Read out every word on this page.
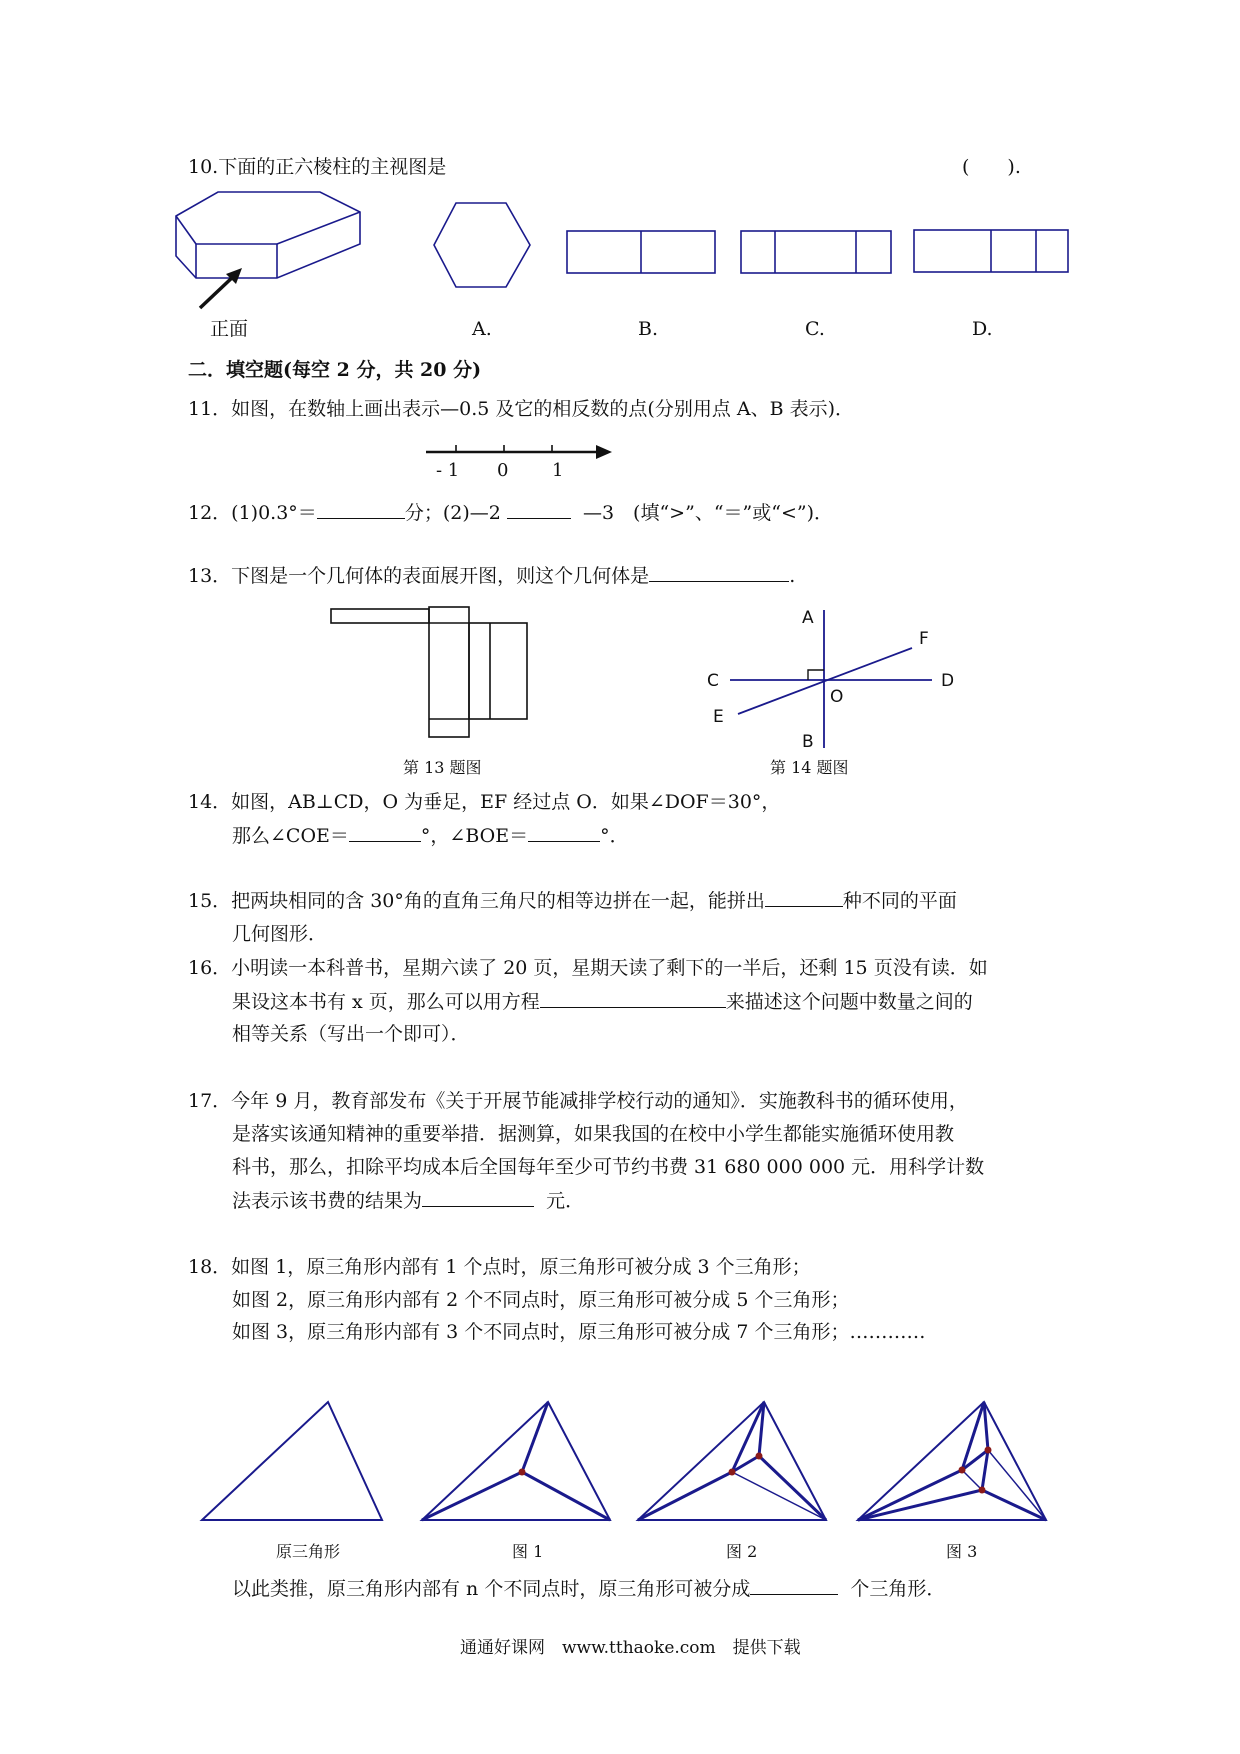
10.下面的正六棱柱的主视图是	(　　).
正面	A.	B.	C.	D.
二．填空题(每空 2 分，共 20 分)
11．如图，在数轴上画出表示—0.5 及它的相反数的点(分别用点 A、B 表示)．
- 1 0 1
12．(1)0.3°＝	分；(2)—2	—3　(填“>”、“＝”或“<”)．
13．下图是一个几何体的表面展开图，则这个几何体是	.
第 13 题图
A
F
C	D
O
E
B
第 14 题图
14．如图，AB⊥CD，O 为垂足，EF 经过点 O．如果∠DOF＝30°，
那么∠COE＝	°，∠BOE＝	°．
15．把两块相同的含 30°角的直角三角尺的相等边拼在一起，能拼出	种不同的平面
几何图形．
16．小明读一本科普书，星期六读了 20 页，星期天读了剩下的一半后，还剩 15 页没有读．如
果设这本书有 x 页，那么可以用方程	来描述这个问题中数量之间的
相等关系（写出一个即可）．
17．今年 9 月，教育部发布《关于开展节能减排学校行动的通知》．实施教科书的循环使用，
是落实该通知精神的重要举措．据测算，如果我国的在校中小学生都能实施循环使用教
科书，那么，扣除平均成本后全国每年至少可节约书费 31 680 000 000 元．用科学计数
法表示该书费的结果为	元．
18．如图 1，原三角形内部有 1 个点时，原三角形可被分成 3 个三角形；
如图 2，原三角形内部有 2 个不同点时，原三角形可被分成 5 个三角形；
如图 3，原三角形内部有 3 个不同点时，原三角形可被分成 7 个三角形；…………
原三角形	图 1	图 2	图 3
以此类推，原三角形内部有 n 个不同点时，原三角形可被分成	个三角形．
通通好课网　www.tthaoke.com　提供下载
